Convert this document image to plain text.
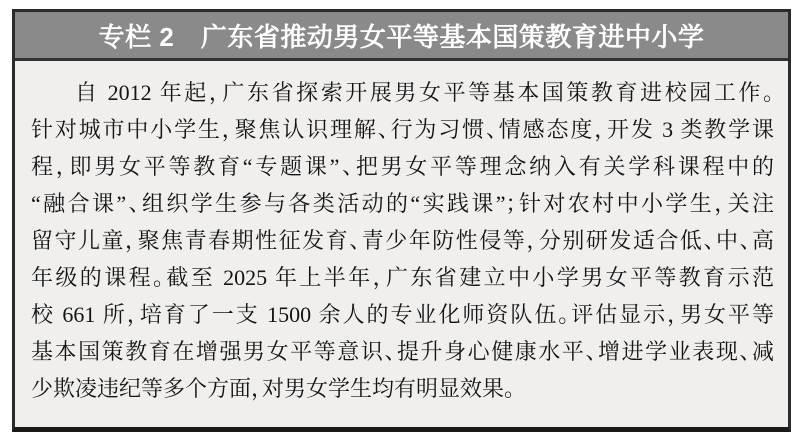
专栏 2　广东省推动男女平等基本国策教育进中小学

自 2012 年起，广东省探索开展男女平等基本国策教育进校园工作。

针对城市中小学生，聚焦认识理解、行为习惯、情感态度，开发 3 类教学课

程，即男女平等教育“专题课”、把男女平等理念纳入有关学科课程中的

“融合课”、组织学生参与各类活动的“实践课”；针对农村中小学生，关注

留守儿童，聚焦青春期性征发育、青少年防性侵等，分别研发适合低、中、高

年级的课程。截至 2025 年上半年，广东省建立中小学男女平等教育示范

校 661 所，培育了一支 1500 余人的专业化师资队伍。评估显示，男女平等

基本国策教育在增强男女平等意识、提升身心健康水平、增进学业表现、减

少欺凌违纪等多个方面，对男女学生均有明显效果。
